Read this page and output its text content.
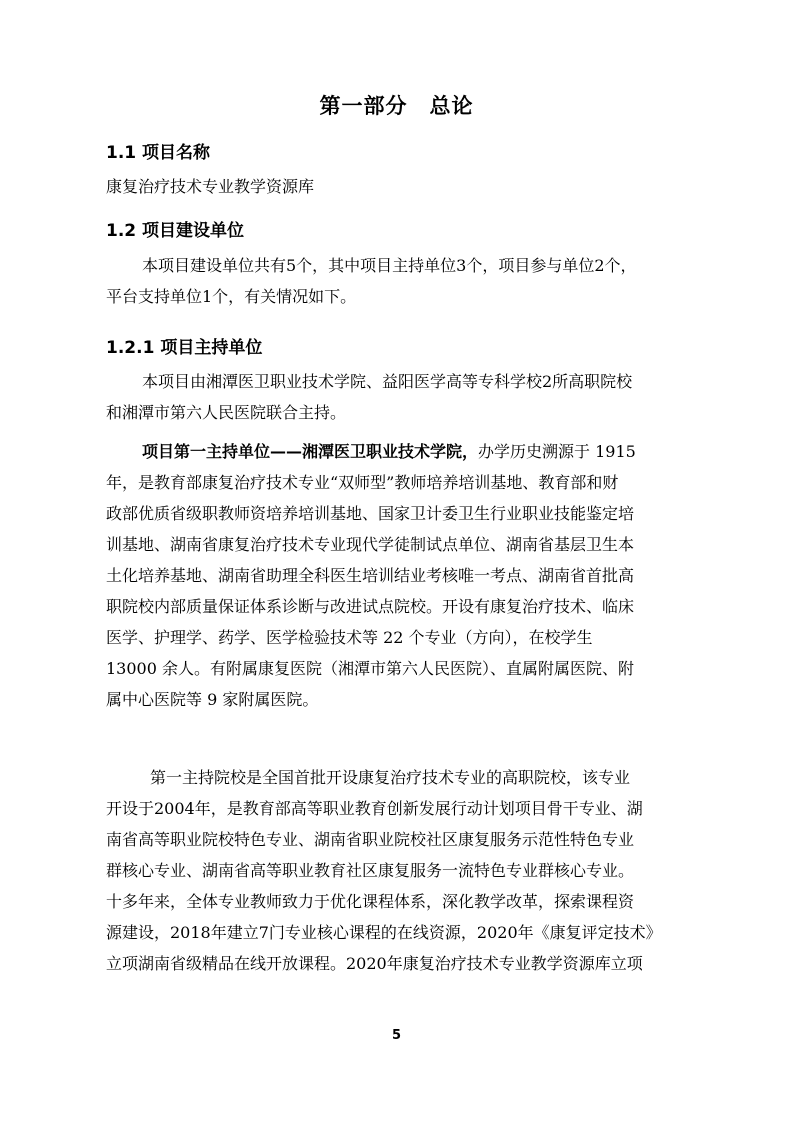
第一部分　总论
1.1 项目名称
康复治疗技术专业教学资源库
1.2 项目建设单位
本项目建设单位共有5个，其中项目主持单位3个，项目参与单位2个，
平台支持单位1个，有关情况如下。
1.2.1 项目主持单位
本项目由湘潭医卫职业技术学院、益阳医学高等专科学校2所高职院校
和湘潭市第六人民医院联合主持。
项目第一主持单位——湘潭医卫职业技术学院，办学历史溯源于 1915
年，是教育部康复治疗技术专业“双师型”教师培养培训基地、教育部和财
政部优质省级职教师资培养培训基地、国家卫计委卫生行业职业技能鉴定培
训基地、湖南省康复治疗技术专业现代学徒制试点单位、湖南省基层卫生本
土化培养基地、湖南省助理全科医生培训结业考核唯一考点、湖南省首批高
职院校内部质量保证体系诊断与改进试点院校。开设有康复治疗技术、临床
医学、护理学、药学、医学检验技术等 22 个专业（方向），在校学生
13000 余人。有附属康复医院（湘潭市第六人民医院）、直属附属医院、附
属中心医院等 9 家附属医院。
第一主持院校是全国首批开设康复治疗技术专业的高职院校，该专业
开设于2004年，是教育部高等职业教育创新发展行动计划项目骨干专业、湖
南省高等职业院校特色专业、湖南省职业院校社区康复服务示范性特色专业
群核心专业、湖南省高等职业教育社区康复服务一流特色专业群核心专业。
十多年来，全体专业教师致力于优化课程体系，深化教学改革，探索课程资
源建设，2018年建立7门专业核心课程的在线资源，2020年《康复评定技术》
立项湖南省级精品在线开放课程。2020年康复治疗技术专业教学资源库立项
5
